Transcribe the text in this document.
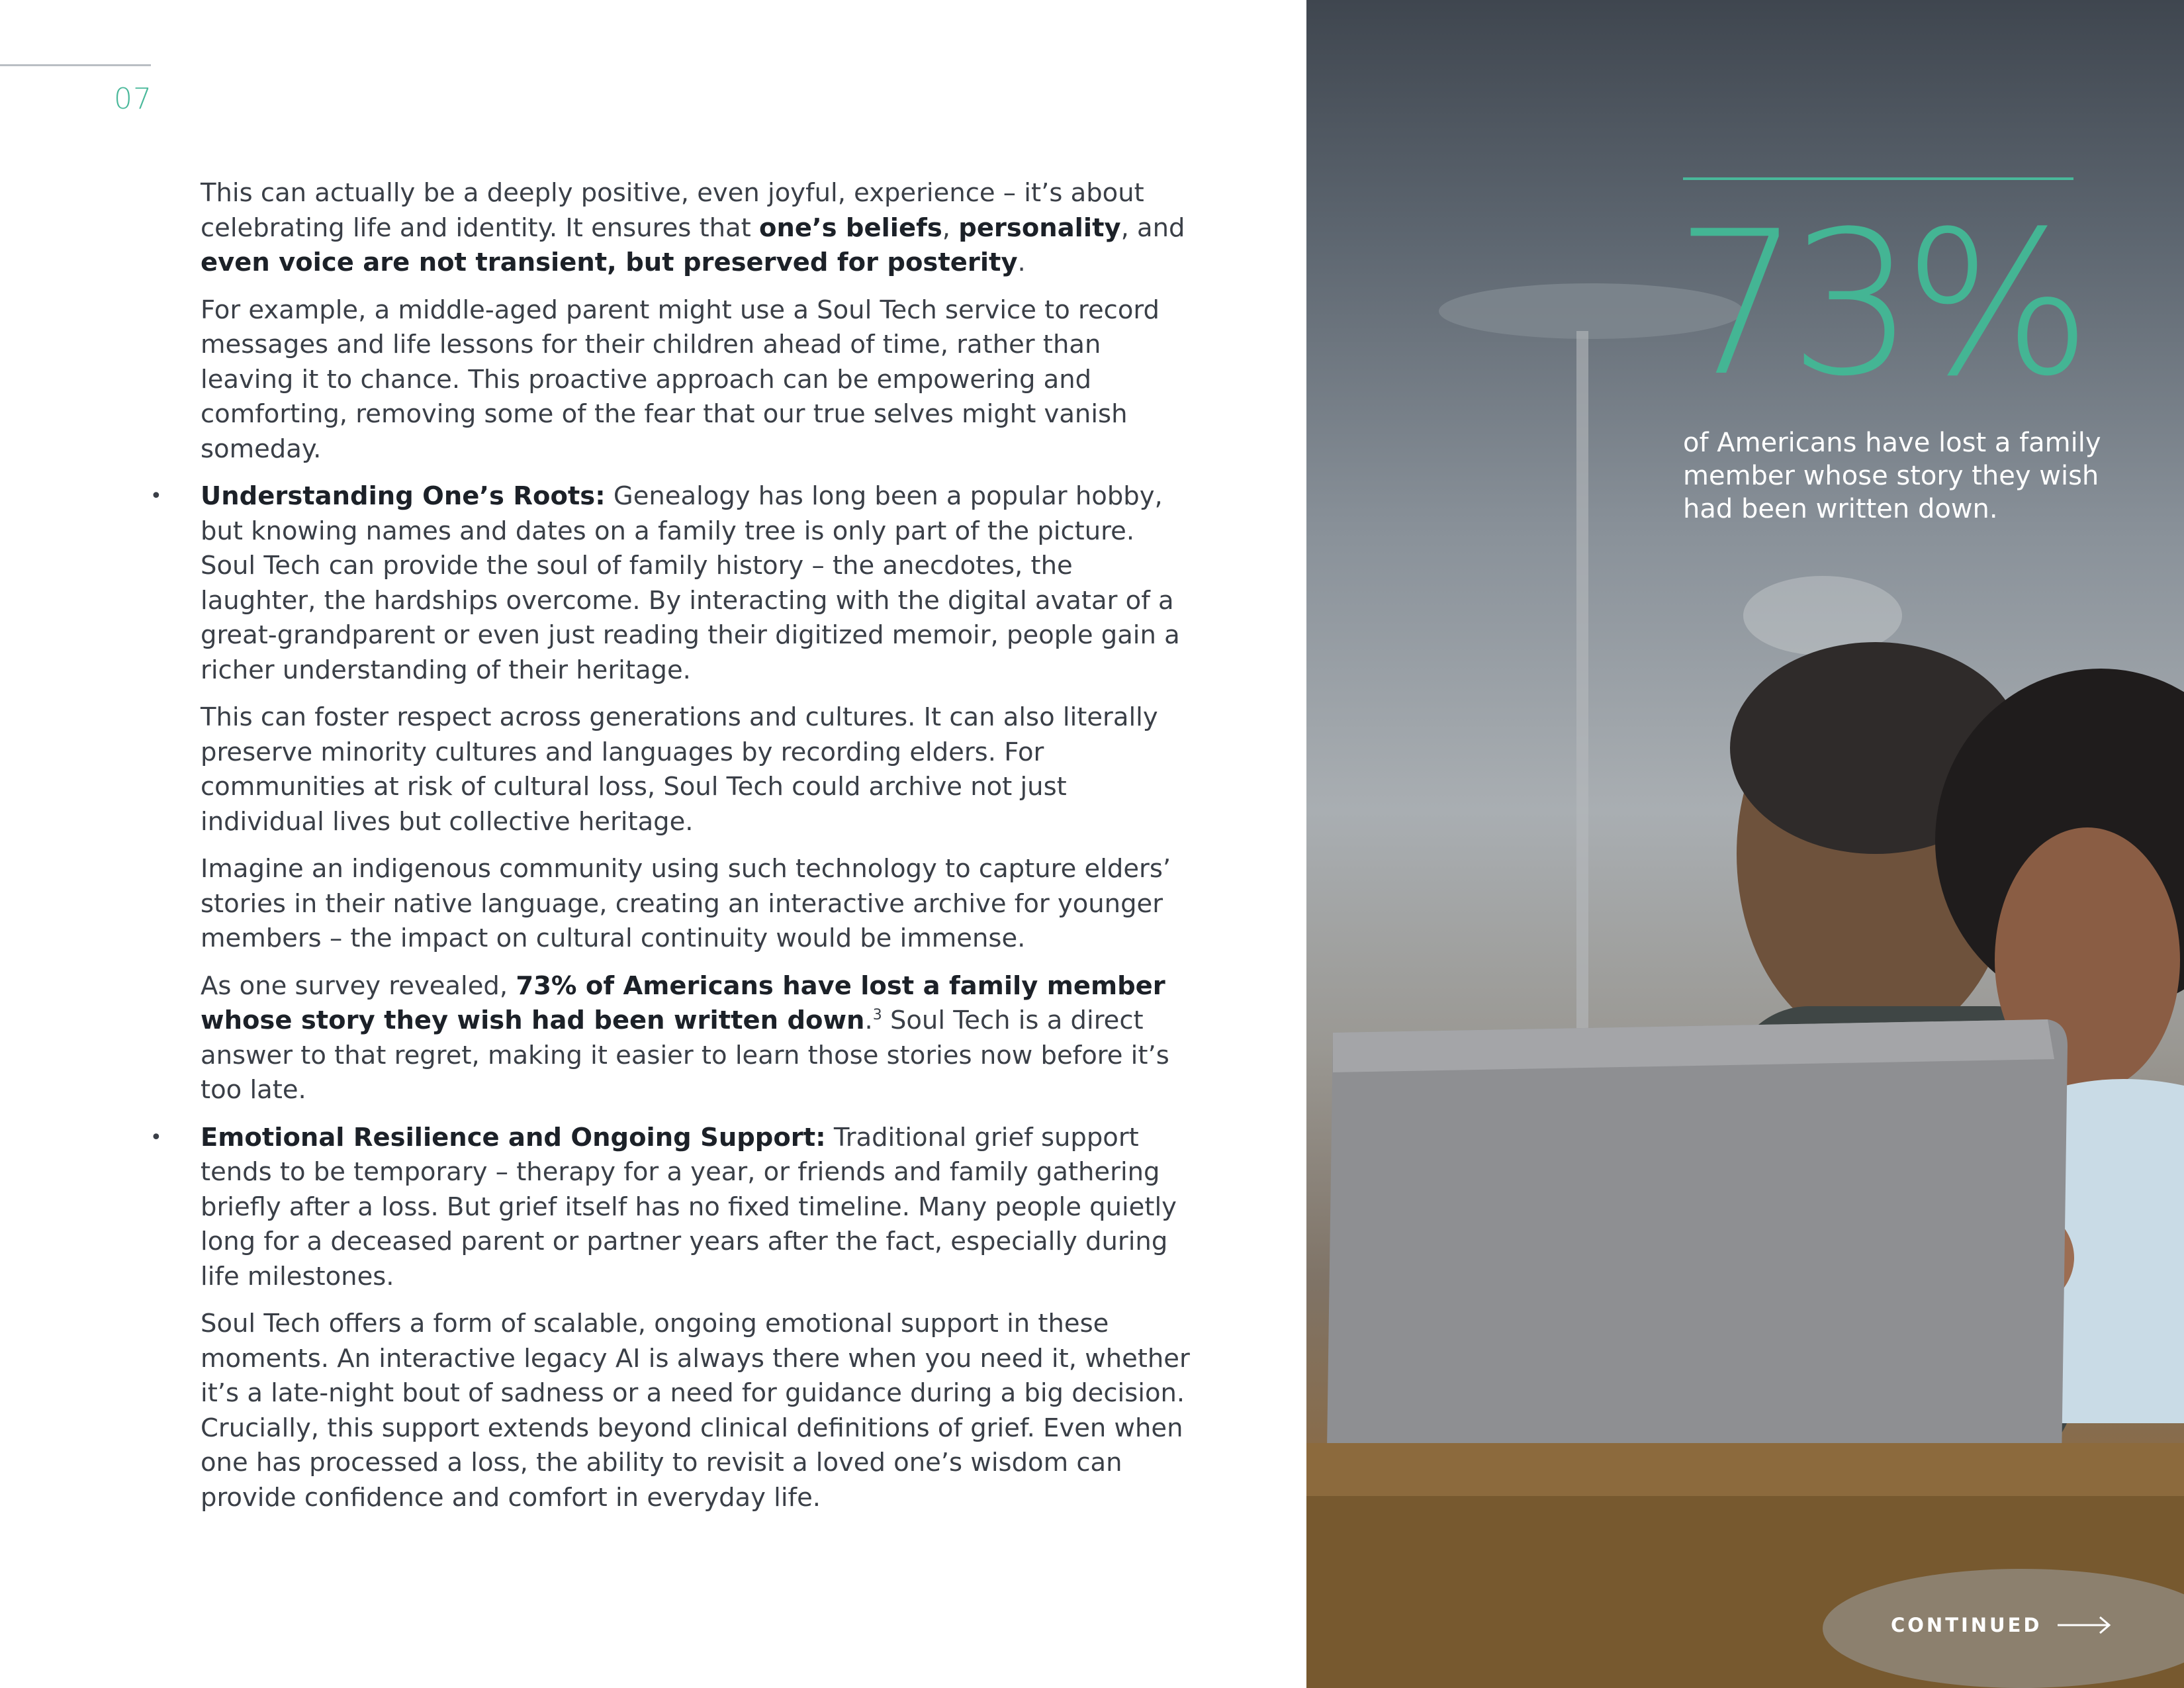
07

This can actually be a deeply positive, even joyful, experience – it’s about celebrating life and identity. It ensures that one’s beliefs, personality, and even voice are not transient, but preserved for posterity.

For example, a middle-aged parent might use a Soul Tech service to record messages and life lessons for their children ahead of time, rather than leaving it to chance. This proactive approach can be empowering and comforting, removing some of the fear that our true selves might vanish someday.

• Understanding One’s Roots: Genealogy has long been a popular hobby, but knowing names and dates on a family tree is only part of the picture. Soul Tech can provide the soul of family history – the anecdotes, the laughter, the hardships overcome. By interacting with the digital avatar of a great-grandparent or even just reading their digitized memoir, people gain a richer understanding of their heritage.

This can foster respect across generations and cultures. It can also literally preserve minority cultures and languages by recording elders. For communities at risk of cultural loss, Soul Tech could archive not just individual lives but collective heritage.

Imagine an indigenous community using such technology to capture elders’ stories in their native language, creating an interactive archive for younger members – the impact on cultural continuity would be immense.

As one survey revealed, 73% of Americans have lost a family member whose story they wish had been written down.$^3$ Soul Tech is a direct answer to that regret, making it easier to learn those stories now before it’s too late.

• Emotional Resilience and Ongoing Support: Traditional grief support tends to be temporary – therapy for a year, or friends and family gathering briefly after a loss. But grief itself has no fixed timeline. Many people quietly long for a deceased parent or partner years after the fact, especially during life milestones.

Soul Tech offers a form of scalable, ongoing emotional support in these moments. An interactive legacy AI is always there when you need it, whether it’s a late-night bout of sadness or a need for guidance during a big decision. Crucially, this support extends beyond clinical definitions of grief. Even when one has processed a loss, the ability to revisit a loved one’s wisdom can provide confidence and comfort in everyday life.

73%
of Americans have lost a family member whose story they wish had been written down.
CONTINUED
